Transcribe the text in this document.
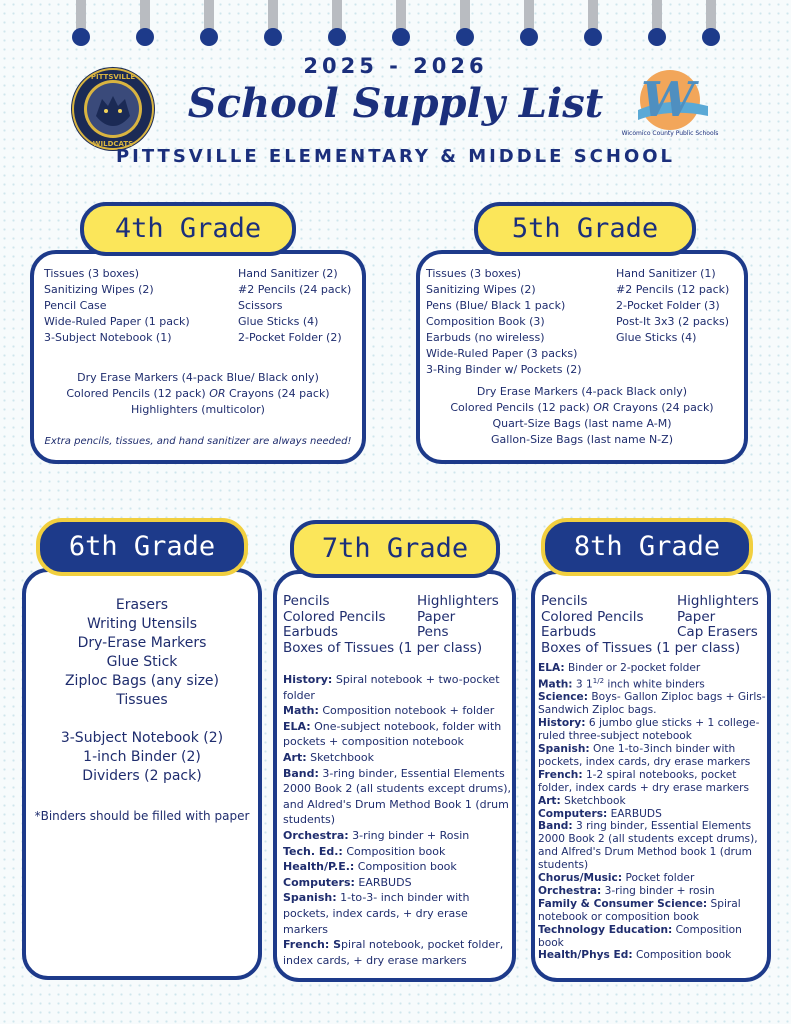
PITTSVILLE
WILDCATS
W
Wicomico County Public Schools
2025 - 2026
School Supply List
PITTSVILLE ELEMENTARY & MIDDLE SCHOOL
Tissues (3 boxes)
Sanitizing Wipes (2)
Pencil Case
Wide-Ruled Paper (1 pack)
3-Subject Notebook (1)
Hand Sanitizer (2)
#2 Pencils (24 pack)
Scissors
Glue Sticks (4)
2-Pocket Folder (2)
Dry Erase Markers (4-pack Blue/ Black only)
Colored Pencils (12 pack) OR Crayons (24 pack)
Highlighters (multicolor)
Extra pencils, tissues, and hand sanitizer are always needed!
4th Grade
Tissues (3 boxes)
Sanitizing Wipes (2)
Pens (Blue/ Black 1 pack)
Composition Book (3)
Earbuds (no wireless)
Wide-Ruled Paper (3 packs)
3-Ring Binder w/ Pockets (2)
Hand Sanitizer (1)
#2 Pencils (12 pack)
2-Pocket Folder (3)
Post-It 3x3 (2 packs)
Glue Sticks (4)
Dry Erase Markers (4-pack Black only)
Colored Pencils (12 pack) OR Crayons (24 pack)
Quart-Size Bags (last name A-M)
Gallon-Size Bags (last name N-Z)
5th Grade
Erasers
Writing Utensils
Dry-Erase Markers
Glue Stick
Ziploc Bags (any size)
Tissues
3-Subject Notebook (2)
1-inch Binder (2)
Dividers (2 pack)
*Binders should be filled with paper
6th Grade
Pencils
Colored Pencils
Earbuds
Boxes of Tissues (1 per class)
Highlighters
Paper
Pens
History: Spiral notebook + two-pocket folder
Math: Composition notebook + folder
ELA: One-subject notebook, folder with pockets + composition notebook
Art: Sketchbook
Band: 3-ring binder, Essential Elements 2000 Book 2 (all students except drums), and Aldred's Drum Method Book 1 (drum students)
Orchestra: 3-ring binder + Rosin
Tech. Ed.: Composition book
Health/P.E.: Composition book
Computers: EARBUDS
Spanish: 1-to-3- inch binder with pockets, index cards, + dry erase markers
French: Spiral notebook, pocket folder, index cards, + dry erase markers
7th Grade
Pencils
Colored Pencils
Earbuds
Boxes of Tissues (1 per class)
Highlighters
Paper
Cap Erasers
ELA: Binder or 2-pocket folder
Math: 3 $1^{1/2}$ inch white binders
Science: Boys- Gallon Ziploc bags + Girls- Sandwich Ziploc bags.
History: 6 jumbo glue sticks + 1 college-ruled three-subject notebook
Spanish: One 1-to-3inch binder with pockets, index cards, dry erase markers
French: 1-2 spiral notebooks, pocket folder, index cards + dry erase markers
Art: Sketchbook
Computers: EARBUDS
Band: 3 ring binder, Essential Elements 2000 Book 2 (all students except drums), and Alfred's Drum Method book 1 (drum students)
Chorus/Music: Pocket folder
Orchestra: 3-ring binder + rosin
Family & Consumer Science: Spiral notebook or composition book
Technology Education: Composition book
Health/Phys Ed: Composition book
8th Grade
